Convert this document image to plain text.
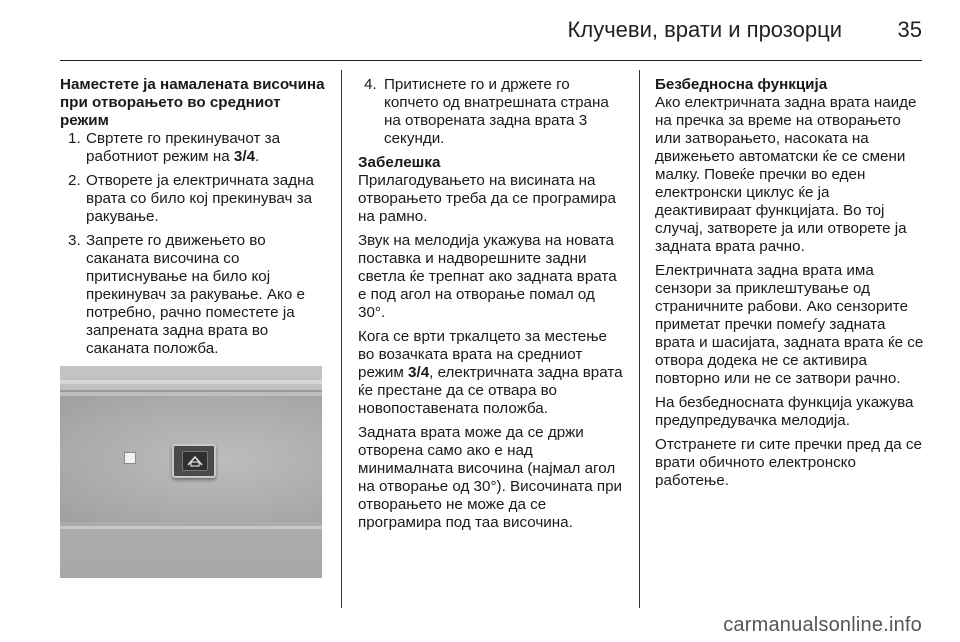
Клучеви, врати и прозорци	35

Наместете ја намалената височина при отворањето во средниот режим

1. Свртете го прекинувачот за работниот режим на 3/4.
2. Отворете ја електричната задна врата со било кој прекинувач за ракување.
3. Запрете го движењето во саканата височина со притиснување на било кој прекинувач за ракување. Ако е потребно, рачно поместете ја запрената задна врата во саканата положба.
4. Притиснете го и држете го копчето од внатрешната страна на отворената задна врата 3 секунди.

Забелешка

Прилагодувањето на висината на отворањето треба да се програмира на рамно.

Звук на мелодија укажува на новата поставка и надворешните задни светла ќе трепнат ако задната врата е под агол на отворање помал од 30°.

Кога се врти тркалцето за местење во возачката врата на средниот режим 3/4, електричната задна врата ќе престане да се отвара во новопоставената положба.

Задната врата може да се држи отворена само ако е над минималната височина (најмал агол на отворање од 30°). Височината при отворањето не може да се програмира под таа височина.

Безбедносна функција

Ако електричната задна врата наиде на пречка за време на отворањето или затворањето, насоката на движењето автоматски ќе се смени малку. Повеќе пречки во еден електронски циклус ќе ја деактивираат функцијата. Во тој случај, затворете ја или отворете ја задната врата рачно.

Електричната задна врата има сензори за приклештување од страничните рабови. Ако сензорите приметат пречки помеѓу задната врата и шасијата, задната врата ќе се отвора додека не се активира повторно или не се затвори рачно.

На безбедносната функција укажува предупредувачка мелодија.

Отстранете ги сите пречки пред да се врати обичното електронско работење.

carmanualsonline.info
